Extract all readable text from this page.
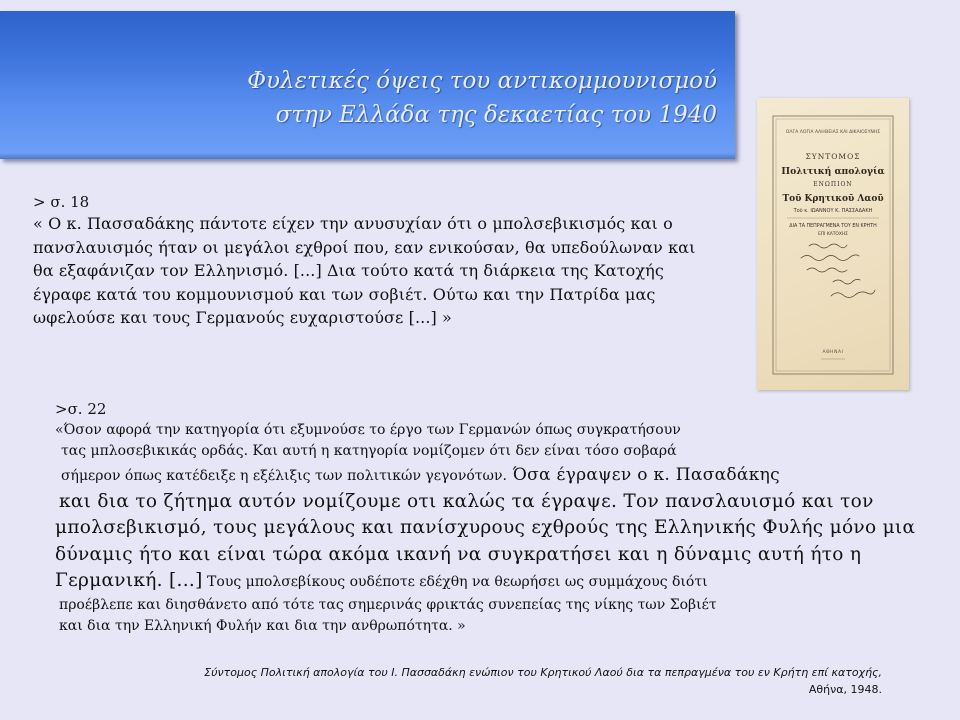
Φυλετικές όψεις του αντικομμουνισμού
στην Ελλάδα της δεκαετίας του 1940
ΟΛΓΑ ΛΟΓΙΑ ΑΛΗΘΕΙΑΣ ΚΑΙ ΔΙΚΑΙΟΣΥΝΗΣ
ΣΥΝΤΟΜΟΣ
Πολιτική απολογία
ΕΝΩΠΙΟΝ
Τοῦ Κρητικοῦ Λαοῦ
Τοῦ κ. ΙΩΑΝΝΟΥ Κ. ΠΑΣΣΑΔΑΚΗ
ΔΙΑ ΤΑ ΠΕΠΡΑΓΜΕΝΑ ΤΟΥ ΕΝ ΚΡΗΤΗ
ΕΠΙ ΚΑΤΟΧΗΣ
ΑΘΗΝΑΙ
> σ. 18
« Ο κ. Πασσαδάκης πάντοτε είχεν την ανυσυχίαν ότι ο μπολσεβικισμός και ο
πανσλαυισμός ήταν οι μεγάλοι εχθροί που, εαν ενικούσαν, θα υπεδούλωναν και
θα εξαφάνιζαν τον Ελληνισμό. [...] Δια τούτο κατά τη διάρκεια της Κατοχής
έγραφε κατά του κομμουνισμού και των σοβιέτ. Ούτω και την Πατρίδα μας
ωφελούσε και τους Γερμανούς ευχαριστούσε [...] »
>σ. 22
«Όσον αφορά την κατηγορία ότι εξυμνούσε το έργο των Γερμανών όπως συγκρατήσουν
τας μπλοσεβικικάς ορδάς. Και αυτή η κατηγορία νομίζομεν ότι δεν είναι τόσο σοβαρά
σήμερον όπως κατέδειξε η εξέλιξις των πολιτικών γεγονότων. Όσα έγραψεν ο κ. Πασαδάκης
και δια το ζήτημα αυτόν νομίζουμε οτι καλώς τα έγραψε. Τον πανσλαυισμό και τον
μπολσεβικισμό, τους μεγάλους και πανίσχυρους εχθρούς της Ελληνικής Φυλής μόνο μια
δύναμις ήτο και είναι τώρα ακόμα ικανή να συγκρατήσει και η δύναμις αυτή ήτο η
Γερμανική. [...] Τους μπολσεβίκους ουδέποτε εδέχθη να θεωρήσει ως συμμάχους διότι
προέβλεπε και διησθάνετο από τότε τας σημερινάς φρικτάς συνεπείας της νίκης των Σοβιέτ
και δια την Ελληνική Φυλήν και δια την ανθρωπότητα. »
Σύντομος Πολιτική απολογία του Ι. Πασσαδάκη ενώπιον του Κρητικού Λαού δια τα πεπραγμένα του εν Κρήτη επί κατοχής,
Αθήνα, 1948.
